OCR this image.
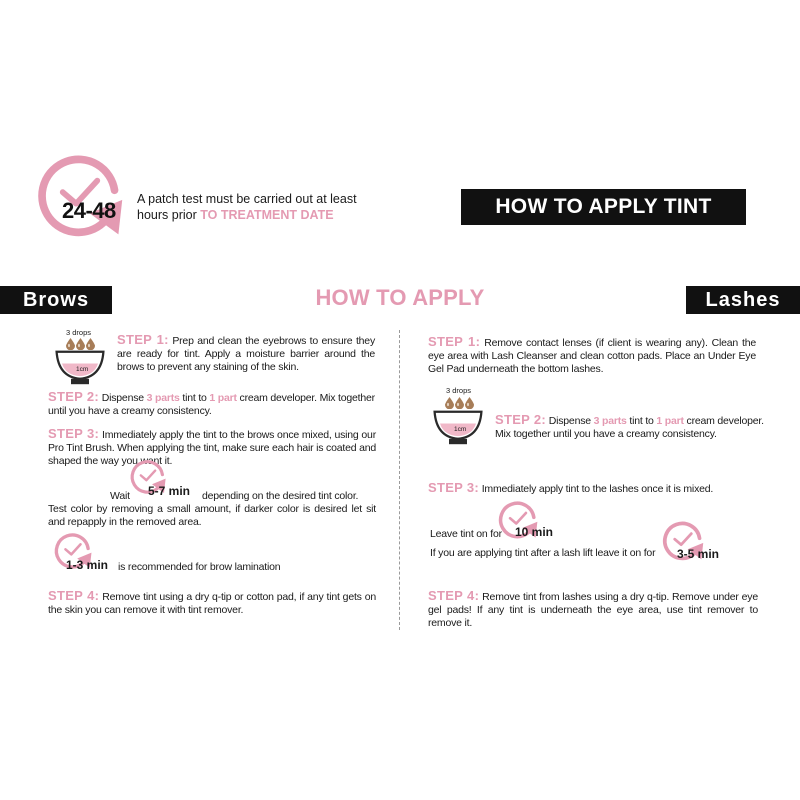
24-48 A patch test must be carried out at least
hours prior TO TREATMENT DATE	HOW TO APPLY TINT
Brows	Lashes
HOW TO APPLY
3 drops
1cm
STEP 1: Prep and clean the eyebrows to ensure they are ready for tint. Apply a moisture barrier around the brows to prevent any staining of the skin.
STEP 2: Dispense 3 parts tint to 1 part cream developer. Mix together until you have a creamy consistency.
STEP 3: Immediately apply the tint to the brows once mixed, using our Pro Tint Brush. When applying the tint, make sure each hair is coated and shaped the way you want it.
Wait 5-7 min depending on the desired tint color.
Test color by removing a small amount, if darker color is desired let sit and repapply in the removed area.
1-3 min is recommended for brow lamination
STEP 4: Remove tint using a dry q-tip or cotton pad, if any tint gets on the skin you can remove it with tint remover.
STEP 1: Remove contact lenses (if client is wearing any). Clean the eye area with Lash Cleanser and clean cotton pads. Place an Under Eye Gel Pad underneath the bottom lashes.
3 drops
1cm
STEP 2: Dispense 3 parts tint to 1 part cream developer.
Mix together until you have a creamy consistency.
STEP 3: Immediately apply tint to the lashes once it is mixed.
Leave tint on for 10 min
If you are applying tint after a lash lift leave it on for 3-5 min
STEP 4: Remove tint from lashes using a dry q-tip. Remove under eye gel pads! If any tint is underneath the eye area, use tint remover to remove it.
